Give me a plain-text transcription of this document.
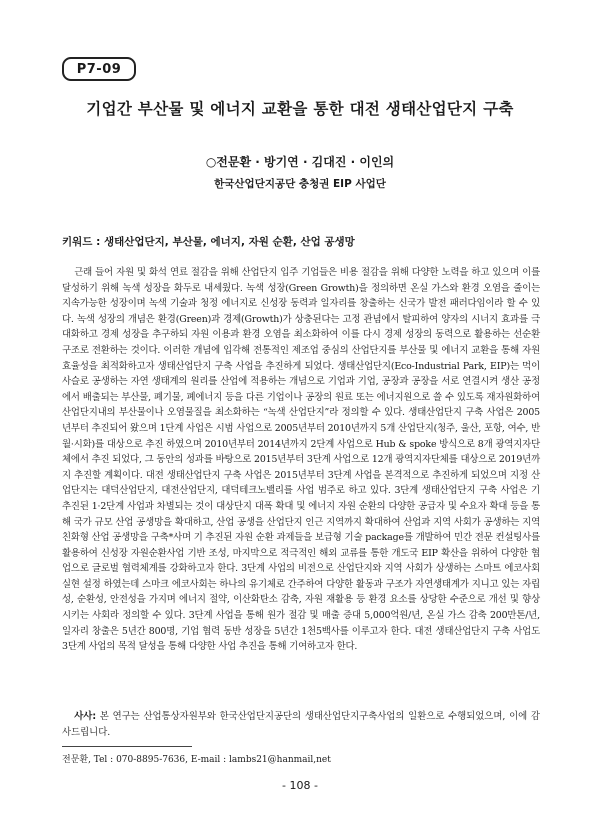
P7-09
기업간 부산물 및 에너지 교환을 통한 대전 생태산업단지 구축
○전문환 · 방기연 · 김대진 · 이인의
한국산업단지공단 충청권 EIP 사업단
키워드 : 생태산업단지, 부산물, 에너지, 자원 순환, 산업 공생망

근래 들어 자원 및 화석 연료 절감을 위해 산업단지 입주 기업들은 비용 절감을 위해 다양한 노력을 하고 있으며 이를 달성하기 위해 녹색 성장을 화두로 내세웠다. 녹색 성장(Green Growth)을 정의하면 온실 가스와 환경 오염을 줄이는 지속가능한 성장이며 녹색 기술과 청정 에너지로 신성장 동력과 일자리를 창출하는 신국가 발전 패러다임이라 할 수 있다. 녹색 성장의 개념은 환경(Green)과 경제(Growth)가 상충된다는 고정 관념에서 탈피하여 양자의 시너지 효과를 극대화하고 경제 성장을 추구하되 자원 이용과 환경 오염을 최소화하여 이를 다시 경제 성장의 동력으로 활용하는 선순환 구조로 전환하는 것이다. 이러한 개념에 입각해 전통적인 제조업 중심의 산업단지를 부산물 및 에너지 교환을 통해 자원 효율성을 최적화하고자 생태산업단지 구축 사업을 추진하게 되었다. 생태산업단지(Eco-Industrial Park, EIP)는 먹이사슬로 공생하는 자연 생태계의 원리를 산업에 적용하는 개념으로 기업과 기업, 공장과 공장을 서로 연결시켜 생산 공정에서 배출되는 부산물, 폐기물, 폐에너지 등을 다른 기업이나 공장의 원료 또는 에너지원으로 쓸 수 있도록 재자원화하여 산업단지내의 부산물이나 오염물질을 최소화하는 “녹색 산업단지”라 정의할 수 있다. 생태산업단지 구축 사업은 2005년부터 추진되어 왔으며 1단계 사업은 시범 사업으로 2005년부터 2010년까지 5개 산업단지(청주, 울산, 포항, 여수, 반월·시화)를 대상으로 추진 하였으며 2010년부터 2014년까지 2단계 사업으로 Hub & spoke 방식으로 8개 광역지자단체에서 추진 되었다, 그 동안의 성과를 바탕으로 2015년부터 3단계 사업으로 12개 광역지자단체를 대상으로 2019년까지 추진할 계획이다. 대전 생태산업단지 구축 사업은 2015년부터 3단계 사업을 본격적으로 추진하게 되었으며 지정 산업단지는 대덕산업단지, 대전산업단지, 대덕테크노밸리를 사업 범주로 하고 있다. 3단계 생태산업단지 구축 사업은 기 추진된 1·2단계 사업과 차별되는 것이 대상단지 대폭 확대 및 에너지 자원 순환의 다양한 공급자 및 수요자 확대 등을 통해 국가 규모 산업 공생망을 확대하고, 산업 공생을 산업단지 인근 지역까지 확대하여 산업과 지역 사회가 공생하는 지역 친화형 산업 공생망을 구축*사며 기 추진된 자원 순환 과제들을 보급형 기술 package를 개발하여 민간 전문 컨설팅사를 활용하여 신성장 자원순환사업 기반 조성, 마지막으로 적극적인 해외 교류를 통한 개도국 EIP 확산을 위하여 다양한 협업으로 글로벌 협력체계를 강화하고자 한다. 3단계 사업의 비전으로 산업단지와 지역 사회가 상생하는 스마트 에코사회 실현 설정 하였는데 스마크 에코사회는 하나의 유기체로 간주하여 다양한 활동과 구조가 자연생태계가 지니고 있는 자립성, 순환성, 안전성을 가지며 에너지 절약, 이산화탄소 감축, 자원 재활용 등 환경 요소를 상당한 수준으로 개선 및 향상시키는 사회라 정의할 수 있다. 3단계 사업을 통해 원가 절감 및 매출 증대 5,000억원/년, 온실 가스 감축 200만톤/년, 일자리 창출은 5년간 800명, 기업 협력 동반 성장을 5년간 1천5백사를 이루고자 한다. 대전 생태산업단지 구축 사업도 3단계 사업의 목적 달성을 통해 다양한 사업 추진을 통해 기여하고자 한다.

사사: 본 연구는 산업통상자원부와 한국산업단지공단의 생태산업단지구축사업의 일환으로 수행되었으며, 이에 감사드립니다.
전문환, Tel : 070-8895-7636, E-mail : lambs21@hanmail,net
- 108 -
